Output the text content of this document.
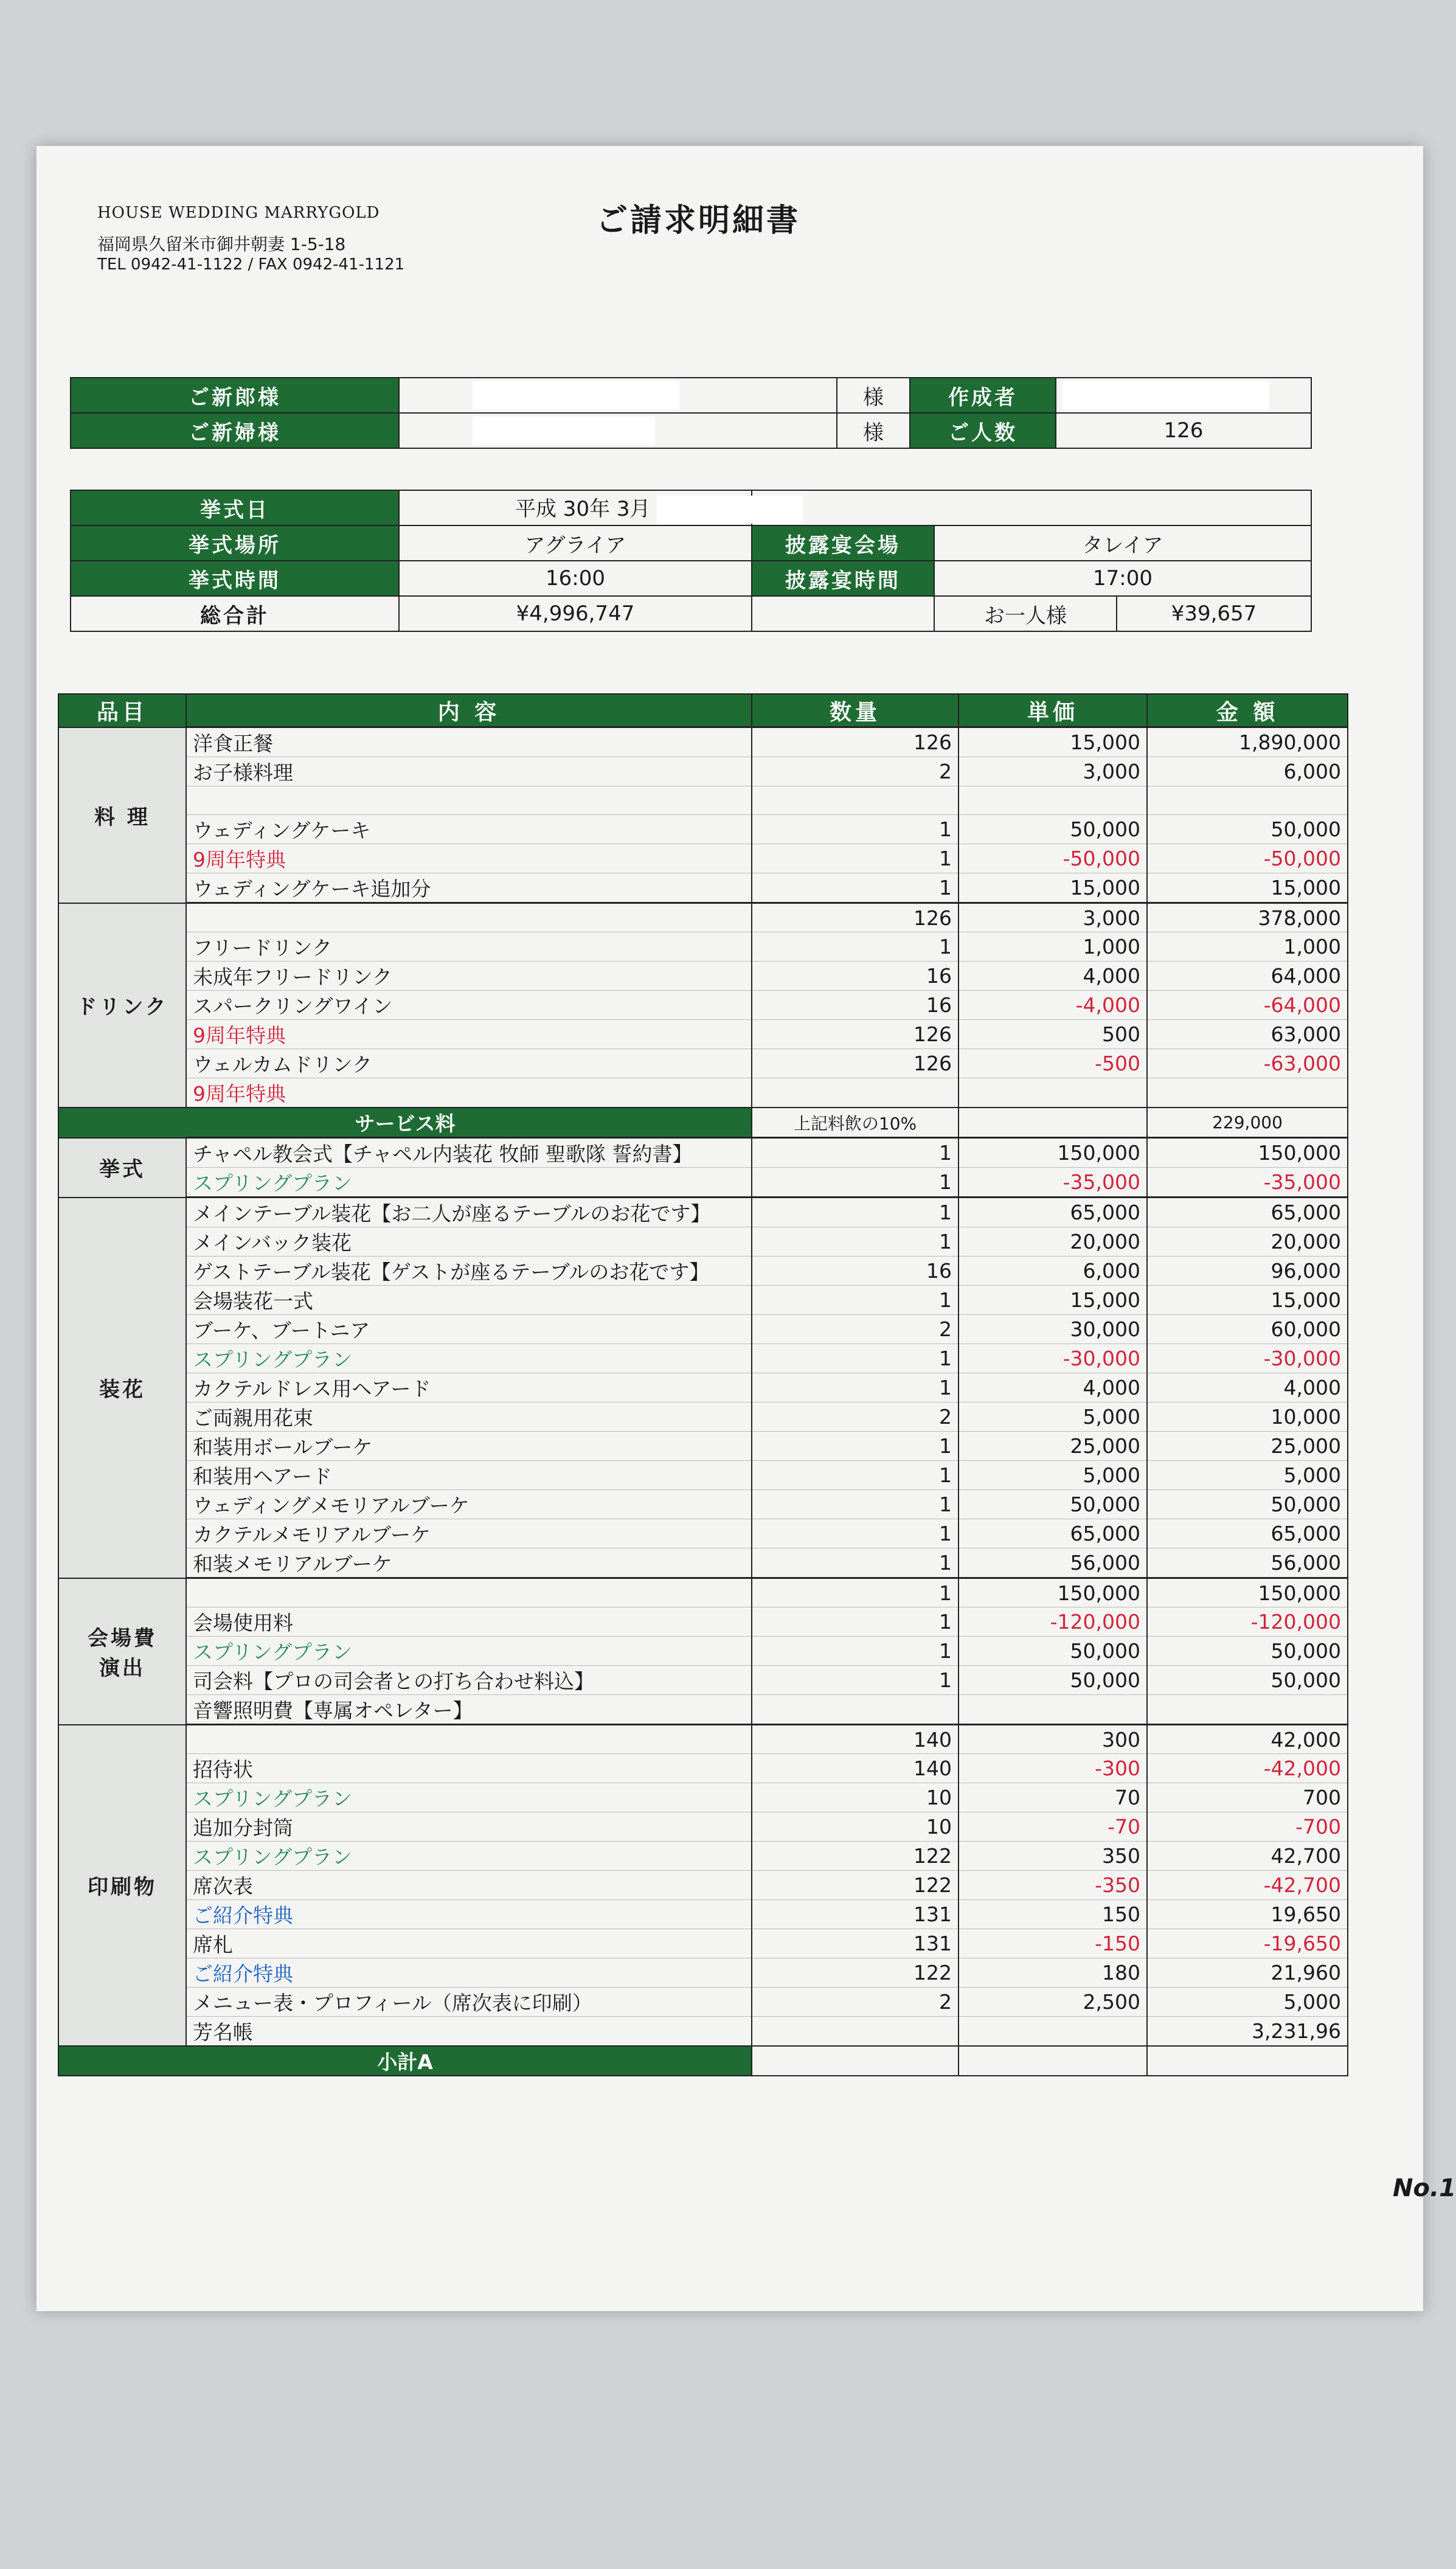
HOUSE WEDDING MARRYGOLD
福岡県久留米市御井朝妻 1-5-18
TEL 0942-41-1122 / FAX 0942-41-1121
ご請求明細書
ご新郎様		様	作成者	
ご新婦様		様	ご人数	126
挙式日	平成 30年 3月			
挙式場所	アグライア	披露宴会場	タレイア	
挙式時間	16:00	披露宴時間	17:00	
総合計	¥4,996,747		お一人様	¥39,657
品目	内 容	数量	単価	金 額
料 理	洋食正餐	126	15,000	1,890,000
	お子様料理	2	3,000	6,000

	ウェディングケーキ	1	50,000	50,000
	9周年特典	1	-50,000	-50,000
	ウェディングケーキ追加分	1	15,000	15,000
ドリンク		126	3,000	378,000
	フリードリンク	1	1,000	1,000
	未成年フリードリンク	16	4,000	64,000
	スパークリングワイン	16	-4,000	-64,000
	9周年特典	126	500	63,000
	ウェルカムドリンク	126	-500	-63,000
	9周年特典			
サービス料		上記料飲の10%		229,000
挙式	チャペル教会式【チャペル内装花 牧師 聖歌隊 誓約書】	1	150,000	150,000
	スプリングプラン	1	-35,000	-35,000
装花	メインテーブル装花【お二人が座るテーブルのお花です】	1	65,000	65,000
	メインバック装花	1	20,000	20,000
	ゲストテーブル装花【ゲストが座るテーブルのお花です】	16	6,000	96,000
	会場装花一式	1	15,000	15,000
	ブーケ、ブートニア	2	30,000	60,000
	スプリングプラン	1	-30,000	-30,000
	カクテルドレス用ヘアード	1	4,000	4,000
	ご両親用花束	2	5,000	10,000
	和装用ボールブーケ	1	25,000	25,000
	和装用ヘアード	1	5,000	5,000
	ウェディングメモリアルブーケ	1	50,000	50,000
	カクテルメモリアルブーケ	1	65,000	65,000
	和装メモリアルブーケ	1	56,000	56,000

会場費
演出		1	150,000	150,000
	会場使用料	1	-120,000	-120,000
	スプリングプラン	1	50,000	50,000
	司会料【プロの司会者との打ち合わせ料込】	1	50,000	50,000
	音響照明費【専属オペレター】			
印刷物		140	300	42,000
	招待状	140	-300	-42,000
	スプリングプラン	10	70	700
	追加分封筒	10	-70	-700
	スプリングプラン	122	350	42,700
	席次表	122	-350	-42,700
	ご紹介特典	131	150	19,650
	席札	131	-150	-19,650
	ご紹介特典	122	180	21,960
	メニュー表・プロフィール（席次表に印刷）	2	2,500	5,000
	芳名帳			3,231,96
小計A				
No.1
